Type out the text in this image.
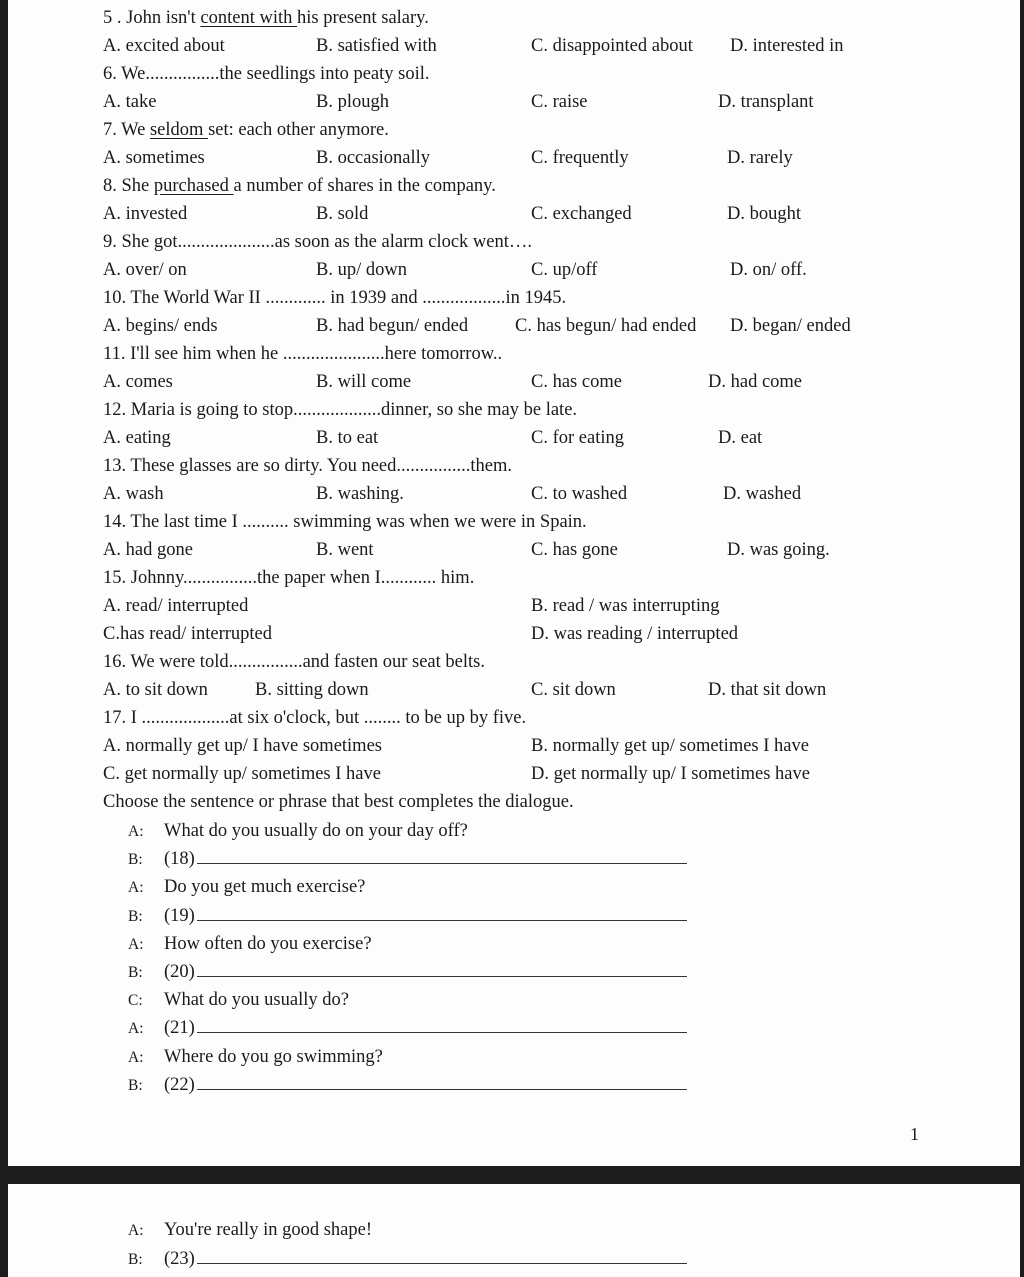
5 . John isn't content with his present salary.
A. excited about	B. satisfied with	C. disappointed about D. interested in
6. We................the seedlings into peaty soil.
A. take	B. plough	C. raise	D. transplant
7. We seldom set: each other anymore.
A. sometimes	B. occasionally	C. frequently	D. rarely
8. She purchased a number of shares in the company.
A. invested	B. sold	C. exchanged	D. bought
9. She got.....................as soon as the alarm clock went….
A. over/ on	B. up/ down	C. up/off	D. on/ off.
10. The World War II ............. in 1939 and ..................in 1945.
A. begins/ ends	B. had begun/ ended	C. has begun/ had ended D. began/ ended
11. I'll see him when he ......................here tomorrow..
A. comes	B. will come	C. has come	D. had come
12. Maria is going to stop...................dinner, so she may be late.
A. eating	B. to eat	C. for eating	D. eat
13. These glasses are so dirty. You need................them.
A. wash	B. washing.	C. to washed	D. washed
14. The last time I .......... swimming was when we were in Spain.
A. had gone	B. went	C. has gone	D. was going.
15. Johnny................the paper when I............ him.
A. read/ interrupted	B. read / was interrupting
C.has read/ interrupted	D. was reading / interrupted
16. We were told................and fasten our seat belts.
A. to sit down	B. sitting down	C. sit down	D. that sit down
17. I ...................at six o'clock, but ........ to be up by five.
A. normally get up/ I have sometimes	B. normally get up/ sometimes I have
C. get normally up/ sometimes I have	D. get normally up/ I sometimes have
Choose the sentence or phrase that best completes the dialogue.
A: What do you usually do on your day off?
B: (18)
A: Do you get much exercise?
B: (19)
A: How often do you exercise?
B: (20)
C: What do you usually do?
A: (21)
A: Where do you go swimming?
B: (22)
1
A: You're really in good shape!
B: (23)
